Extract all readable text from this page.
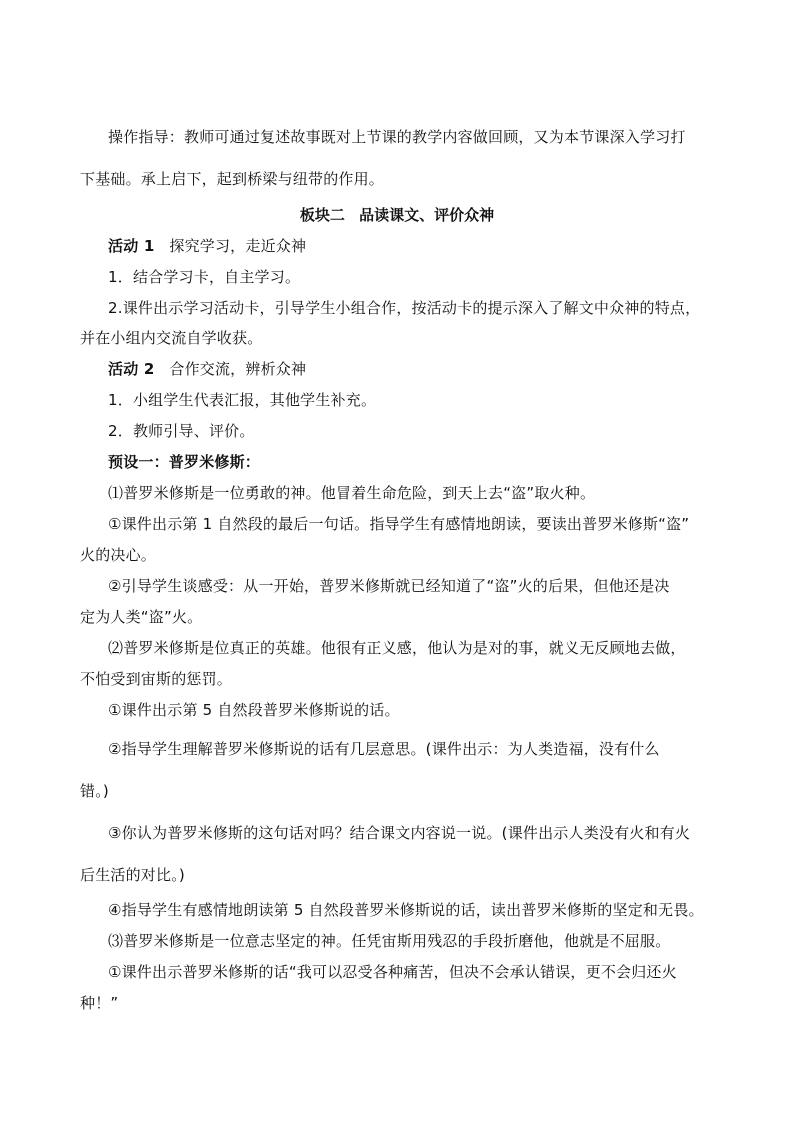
操作指导：教师可通过复述故事既对上节课的教学内容做回顾，又为本节课深入学习打
下基础。承上启下，起到桥梁与纽带的作用。
板块二 品读课文、评价众神
活动 1 探究学习，走近众神
1．结合学习卡，自主学习。
2.课件出示学习活动卡，引导学生小组合作，按活动卡的提示深入了解文中众神的特点，
并在小组内交流自学收获。
活动 2 合作交流，辨析众神
1．小组学生代表汇报，其他学生补充。
2．教师引导、评价。
预设一：普罗米修斯：
⑴普罗米修斯是一位勇敢的神。他冒着生命危险，到天上去“盗”取火种。
①课件出示第 1 自然段的最后一句话。指导学生有感情地朗读，要读出普罗米修斯“盗”
火的决心。
②引导学生谈感受：从一开始，普罗米修斯就已经知道了“盗”火的后果，但他还是决
定为人类“盗”火。
⑵普罗米修斯是位真正的英雄。他很有正义感，他认为是对的事，就义无反顾地去做，
不怕受到宙斯的惩罚。
①课件出示第 5 自然段普罗米修斯说的话。
②指导学生理解普罗米修斯说的话有几层意思。(课件出示：为人类造福，没有什么
错。)
③你认为普罗米修斯的这句话对吗？结合课文内容说一说。(课件出示人类没有火和有火
后生活的对比。)
④指导学生有感情地朗读第 5 自然段普罗米修斯说的话，读出普罗米修斯的坚定和无畏。
⑶普罗米修斯是一位意志坚定的神。任凭宙斯用残忍的手段折磨他，他就是不屈服。
①课件出示普罗米修斯的话“我可以忍受各种痛苦，但决不会承认错误，更不会归还火
种！”
